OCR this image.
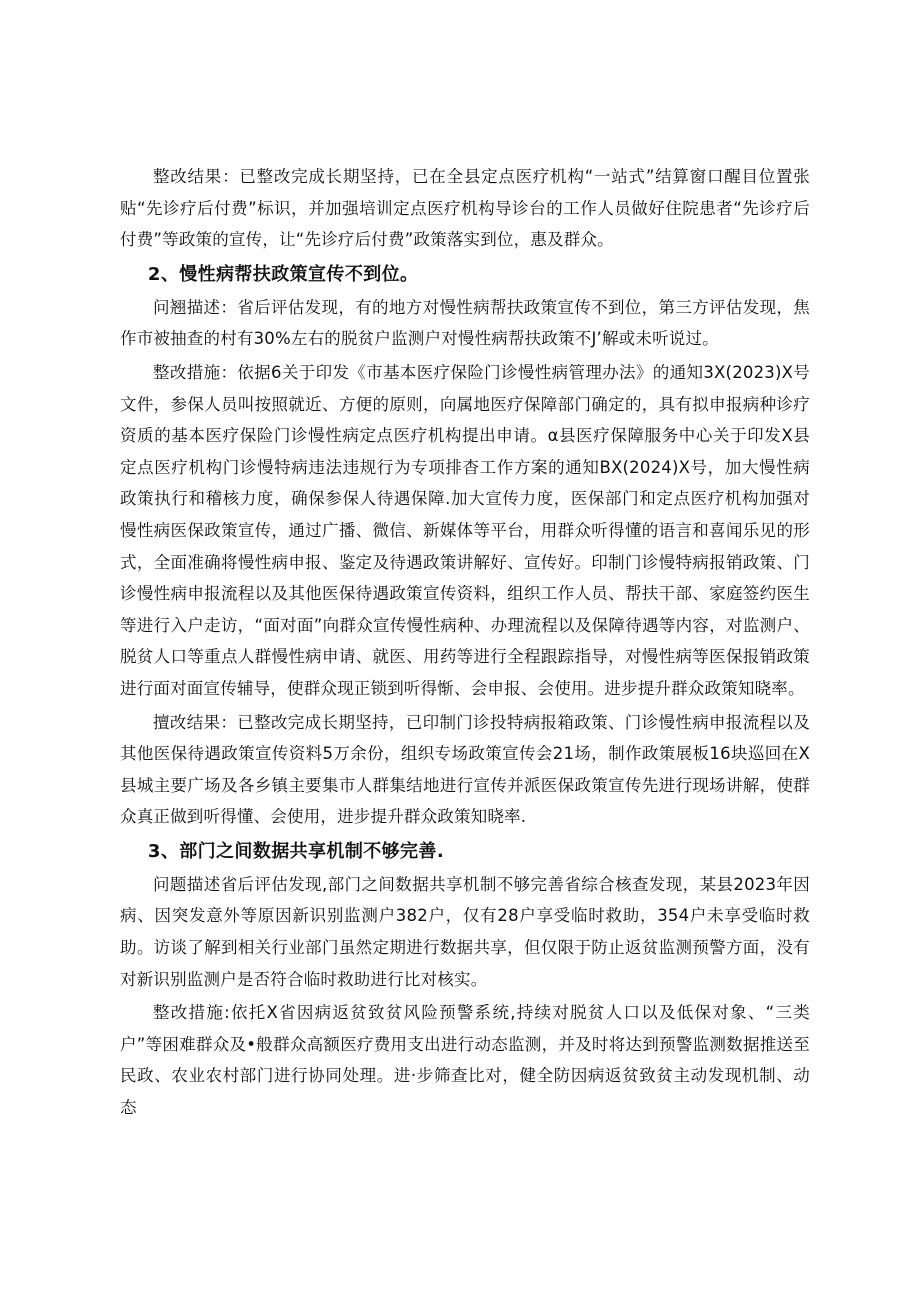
整改结果：已整改完成长期坚持，已在全县定点医疗机构“一站式”结算窗口醒目位置张贴“先诊疗后付费”标识，并加强培训定点医疗机构导诊台的工作人员做好住院患者“先诊疗后付费”等政策的宣传，让“先诊疗后付费”政策落实到位，惠及群众。

2、慢性病帮扶政策宣传不到位。

问翘描述：省后评估发现，有的地方对慢性病帮扶政策宣传不到位，第三方评估发现，焦作市被抽查的村有30%左右的脱贫户监测户对慢性病帮扶政策不J’解或未听说过。

整改措施：依据6关于印发《市基本医疗保险门诊慢性病管理办法》的通知3X(2023)X号文件，参保人员叫按照就近、方便的原则，向属地医疗保障部门确定的，具有拟申报病种诊疗资质的基本医疗保险门诊慢性病定点医疗机构提出申请。α县医疗保障服务中心关于印发X县定点医疗机构门诊慢特病违法违规行为专项排杳工作方案的通知BX(2024)X号，加大慢性病政策执行和稽核力度，确保参保人待遇保障.加大宣传力度，医保部门和定点医疗机构加强对慢性病医保政策宣传，通过广播、微信、新媒体等平台，用群众听得懂的语言和喜闻乐见的形式，全面准确将慢性病申报、鉴定及待遇政策讲解好、宣传好。印制门诊慢特病报销政策、门诊慢性病申报流程以及其他医保待遇政策宣传资料，组织工作人员、帮扶干部、家庭签约医生等进行入户走访，“面对面”向群众宣传慢性病种、办理流程以及保障待遇等内容，对监测户、脱贫人口等重点人群慢性病申请、就医、用药等进行全程跟踪指导，对慢性病等医保报销政策进行面对面宣传辅导，使群众现正锁到听得惭、会申报、会使用。进步提升群众政策知晓率。

擅改结果：已整改完成长期坚持，已印制门诊投特病报箱政策、门诊慢性病申报流程以及其他医保待遇政策宣传资料5万余份，组织专场政策宣传会21场，制作政策展板16块巡回在X县城主要广场及各乡镇主要集市人群集结地进行宣传并派医保政策宣传先进行现场讲解，使群众真正做到听得懂、会使用，进步提升群众政策知晓率.

3、部门之间数据共享机制不够完善.

问题描述省后评估发现,部门之间数据共享机制不够完善省综合核查发现，某县2023年因病、因突发意外等原因新识别监测户382户，仅有28户享受临时救助，354户未享受临时救助。访谈了解到相关行业部门虽然定期进行数据共享，但仅限于防止返贫监测预警方面，没有对新识别监测户是否符合临时救助进行比对核实。

整改措施:依托X省因病返贫致贫风险预警系统,持续对脱贫人口以及低保对象、“三类户”等困难群众及•般群众高额医疗费用支出进行动态监测，并及时将达到预警监测数据推送至民政、农业农村部门进行协同处理。进·步筛查比对，健全防因病返贫致贫主动发现机制、动态
